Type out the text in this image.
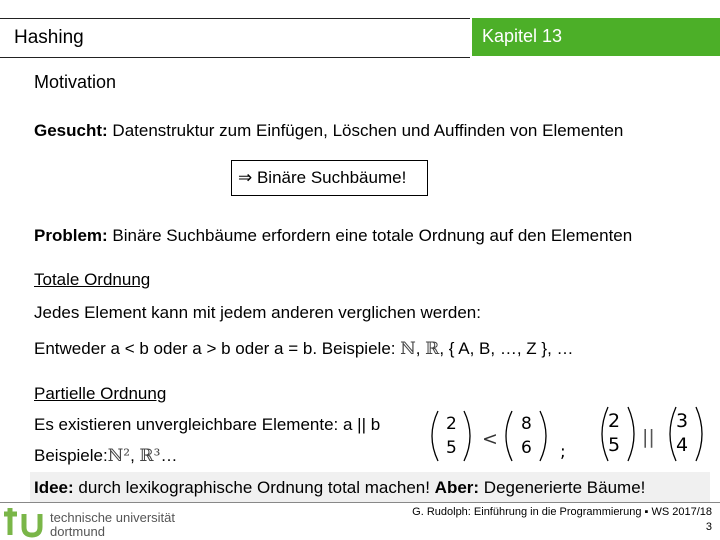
Hashing	Kapitel 13
Motivation
Gesucht: Datenstruktur zum Einfügen, Löschen und Auffinden von Elementen
⇒ Binäre Suchbäume!
Problem: Binäre Suchbäume erfordern eine totale Ordnung auf den Elementen
Totale Ordnung
Jedes Element kann mit jedem anderen verglichen werden:
Entweder a < b oder a > b oder a = b. Beispiele: ℕ, ℝ, { A, B, …, Z }, …
Partielle Ordnung
Es existieren unvergleichbare Elemente: a || b
Beispiele:ℕ², ℝ³…
2
5 <
8
6 ;
2
5 ||
3
4
Idee: durch lexikographische Ordnung total machen! Aber: Degenerierte Bäume!
technische universität
dortmund
G. Rudolph: Einführung in die Programmierung ▪ WS 2017/18
3
